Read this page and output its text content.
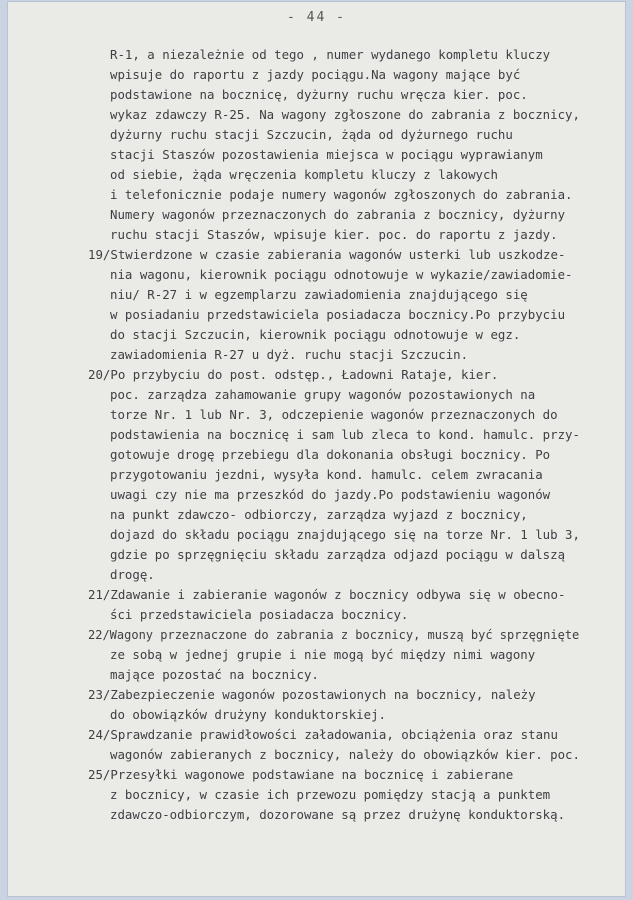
- 44 -
R-1, a niezależnie od tego , numer wydanego kompletu kluczy
wpisuje do raportu z jazdy pociągu.Na wagony mające być
podstawione na bocznicę, dyżurny ruchu wręcza kier. poc.
wykaz zdawczy R-25. Na wagony zgłoszone do zabrania z bocznicy,
dyżurny ruchu stacji Szczucin, żąda od dyżurnego ruchu
stacji Staszów pozostawienia miejsca w pociągu wyprawianym
od siebie, żąda wręczenia kompletu kluczy z lakowych
i telefonicznie podaje numery wagonów zgłoszonych do zabrania.
Numery wagonów przeznaczonych do zabrania z bocznicy, dyżurny
ruchu stacji Staszów, wpisuje kier. poc. do raportu z jazdy.
19/Stwierdzone w czasie zabierania wagonów usterki lub uszkodze-
nia wagonu, kierownik pociągu odnotowuje w wykazie/zawiadomie-
niu/ R-27 i w egzemplarzu zawiadomienia znajdującego się
w posiadaniu przedstawiciela posiadacza bocznicy.Po przybyciu
do stacji Szczucin, kierownik pociągu odnotowuje w egz.
zawiadomienia R-27 u dyż. ruchu stacji Szczucin.
20/Po przybyciu do post. odstęp., Ładowni Rataje, kier.
poc. zarządza zahamowanie grupy wagonów pozostawionych na
torze Nr. 1 lub Nr. 3, odczepienie wagonów przeznaczonych do
podstawienia na bocznicę i sam lub zleca to kond. hamulc. przy-
gotowuje drogę przebiegu dla dokonania obsługi bocznicy. Po
przygotowaniu jezdni, wysyła kond. hamulc. celem zwracania
uwagi czy nie ma przeszkód do jazdy.Po podstawieniu wagonów
na punkt zdawczo- odbiorczy, zarządza wyjazd z bocznicy,
dojazd do składu pociągu znajdującego się na torze Nr. 1 lub 3,
gdzie po sprzęgnięciu składu zarządza odjazd pociągu w dalszą
drogę.
21/Zdawanie i zabieranie wagonów z bocznicy odbywa się w obecno-
ści przedstawiciela posiadacza bocznicy.
22/Wagony przeznaczone do zabrania z bocznicy, muszą być sprzęgnięte
ze sobą w jednej grupie i nie mogą być między nimi wagony
mające pozostać na bocznicy.
23/Zabezpieczenie wagonów pozostawionych na bocznicy, należy
do obowiązków drużyny konduktorskiej.
24/Sprawdzanie prawidłowości załadowania, obciążenia oraz stanu
wagonów zabieranych z bocznicy, należy do obowiązków kier. poc.
25/Przesyłki wagonowe podstawiane na bocznicę i zabierane
z bocznicy, w czasie ich przewozu pomiędzy stacją a punktem
zdawczo-odbiorczym, dozorowane są przez drużynę konduktorską.
